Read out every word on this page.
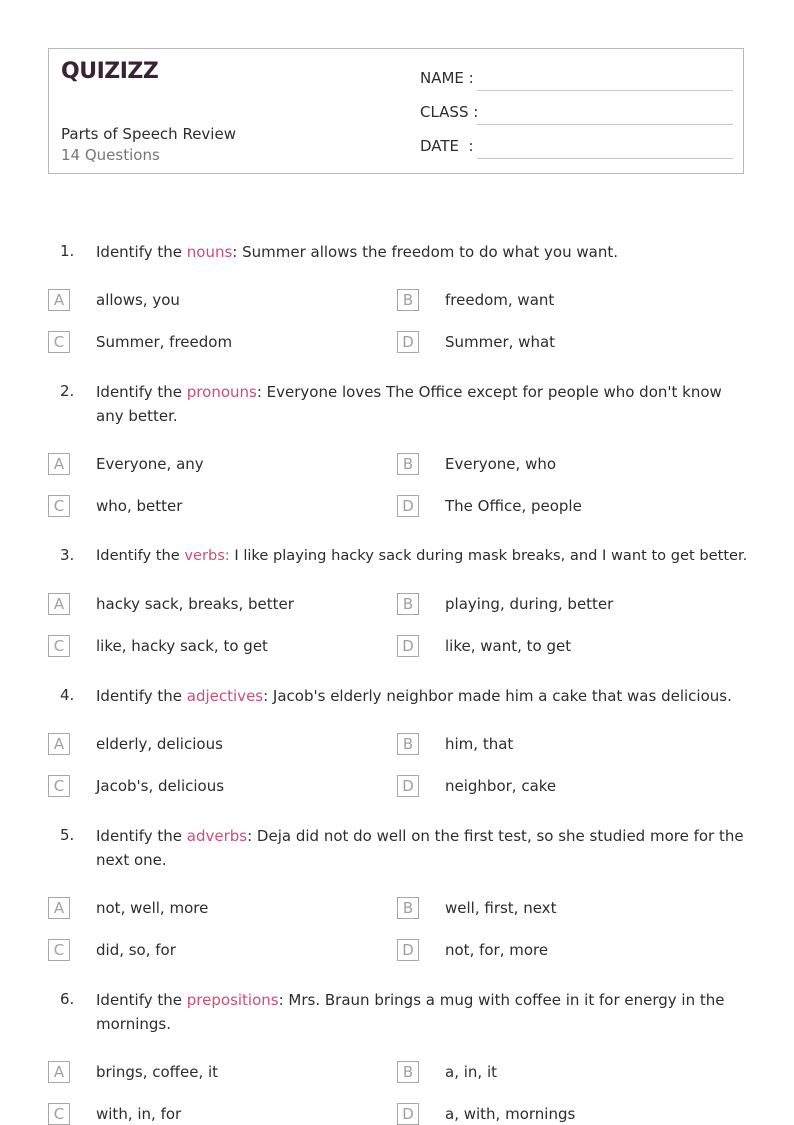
QUIZIZZ
Parts of Speech Review
14 Questions
NAME :
CLASS :
DATE  :
1. Identify the nouns: Summer allows the freedom to do what you want.
A	allows, you	B	freedom, want
C	Summer, freedom	D	Summer, what
2. Identify the pronouns: Everyone loves The Office except for people who don't know any better.
A	Everyone, any	B	Everyone, who
C	who, better	D	The Office, people
3. Identify the verbs: I like playing hacky sack during mask breaks, and I want to get better.
A	hacky sack, breaks, better	B	playing, during, better
C	like, hacky sack, to get	D	like, want, to get
4. Identify the adjectives: Jacob's elderly neighbor made him a cake that was delicious.
A	elderly, delicious	B	him, that
C	Jacob's, delicious	D	neighbor, cake
5. Identify the adverbs: Deja did not do well on the first test, so she studied more for the next one.
A	not, well, more	B	well, first, next
C	did, so, for	D	not, for, more
6. Identify the prepositions: Mrs. Braun brings a mug with coffee in it for energy in the mornings.
A	brings, coffee, it	B	a, in, it
C	with, in, for	D	a, with, mornings
